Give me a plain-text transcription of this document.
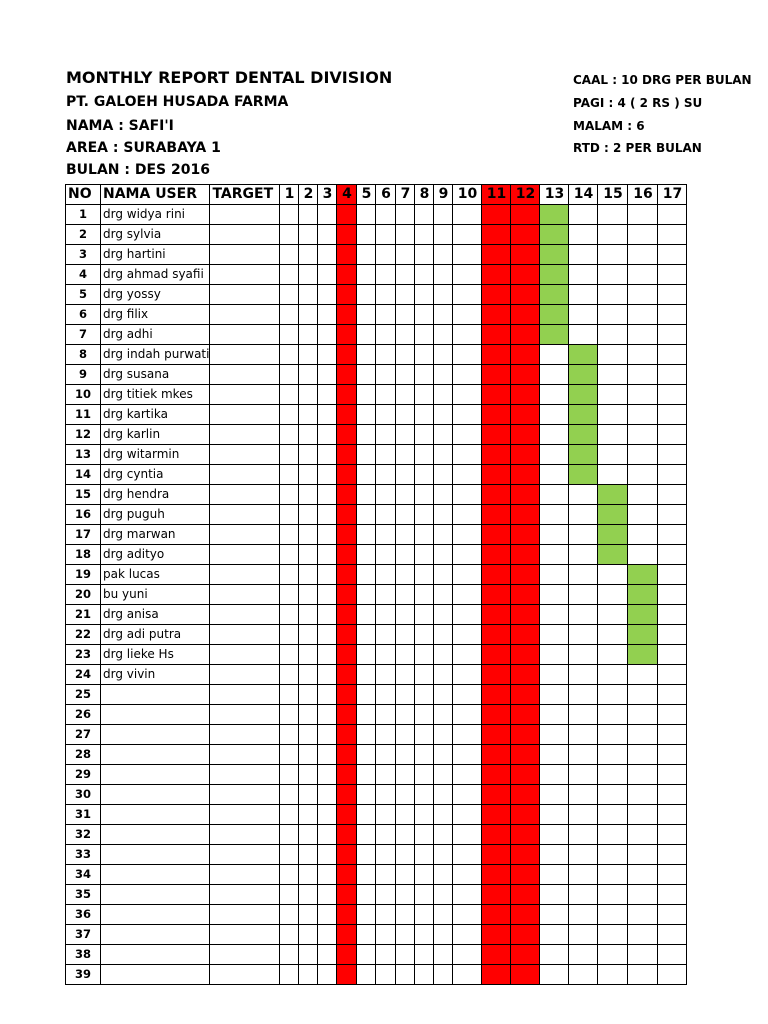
MONTHLY REPORT DENTAL DIVISION
PT. GALOEH HUSADA FARMA
NAMA : SAFI'I
AREA : SURABAYA 1
BULAN : DES 2016
CAAL : 10 DRG PER BULAN
PAGI : 4 ( 2 RS ) SU
MALAM : 6
RTD : 2 PER BULAN
NO	NAMA USER	TARGET	1	2	3	4	5	6	7	8	9	10	11	12	13	14	15	16	17
1	drg widya rini																		
2	drg sylvia																		
3	drg hartini																		
4	drg ahmad syafii																		
5	drg yossy																		
6	drg filix																		
7	drg adhi																		
8	drg indah purwati																		
9	drg susana																		
10	drg titiek mkes																		
11	drg kartika																		
12	drg karlin																		
13	drg witarmin																		
14	drg cyntia																		
15	drg hendra																		
16	drg puguh																		
17	drg marwan																		
18	drg adityo																		
19	pak lucas																		
20	bu yuni																		
21	drg anisa																		
22	drg adi putra																		
23	drg lieke Hs																		
24	drg vivin																		
25																			
26																			
27																			
28																			
29																			
30																			
31																			
32																			
33																			
34																			
35																			
36																			
37																			
38																			
39																			
